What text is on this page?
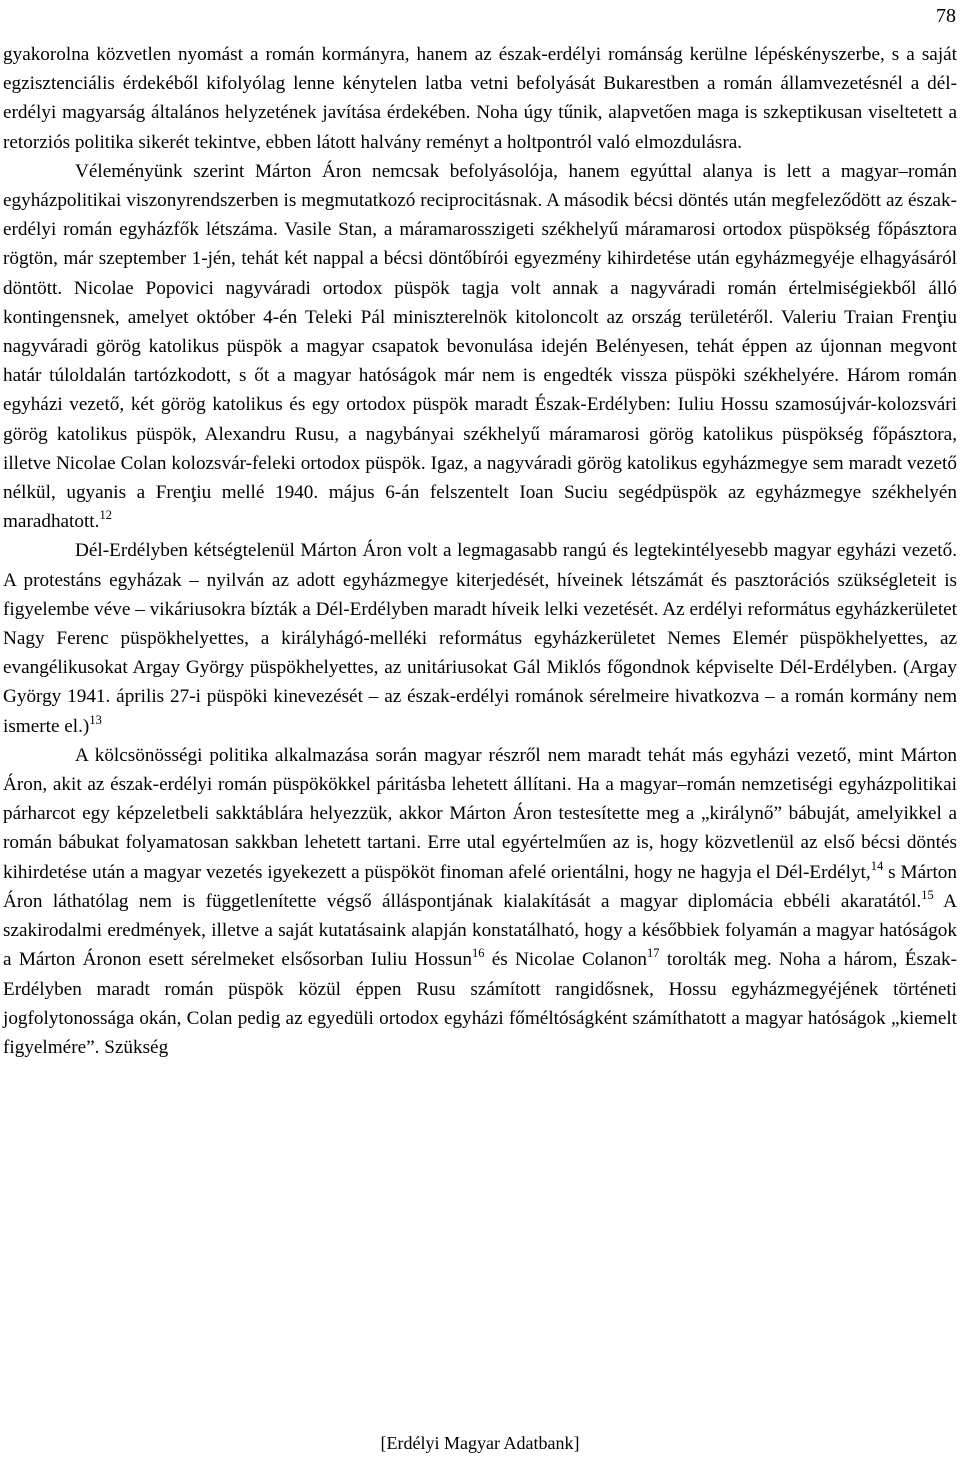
78

gyakorolna közvetlen nyomást a román kormányra, hanem az észak-erdélyi románság kerülne lépéskényszerbe, s a saját egzisztenciális érdekéből kifolyólag lenne kénytelen latba vetni befolyását Bukarestben a román államvezetésnél a dél-erdélyi magyarság általános helyzetének javítása érdekében. Noha úgy tűnik, alapvetően maga is szkeptikusan viseltetett a retorziós politika sikerét tekintve, ebben látott halvány reményt a holtpontról való elmozdulásra.

Véleményünk szerint Márton Áron nemcsak befolyásolója, hanem egyúttal alanya is lett a magyar–román egyházpolitikai viszonyrendszerben is megmutatkozó reciprocitásnak. A második bécsi döntés után megfeleződött az észak-erdélyi román egyházfők létszáma. Vasile Stan, a máramarosszigeti székhelyű máramarosi ortodox püspökség főpásztora rögtön, már szeptember 1-jén, tehát két nappal a bécsi döntőbírói egyezmény kihirdetése után egyházmegyéje elhagyásáról döntött. Nicolae Popovici nagyváradi ortodox püspök tagja volt annak a nagyváradi román értelmiségiekből álló kontingensnek, amelyet október 4-én Teleki Pál miniszterelnök kitoloncolt az ország területéről. Valeriu Traian Frenţiu nagyváradi görög katolikus püspök a magyar csapatok bevonulása idején Belényesen, tehát éppen az újonnan megvont határ túloldalán tartózkodott, s őt a magyar hatóságok már nem is engedték vissza püspöki székhelyére. Három román egyházi vezető, két görög katolikus és egy ortodox püspök maradt Észak-Erdélyben: Iuliu Hossu szamosújvár-kolozsvári görög katolikus püspök, Alexandru Rusu, a nagybányai székhelyű máramarosi görög katolikus püspökség főpásztora, illetve Nicolae Colan kolozsvár-feleki ortodox püspök. Igaz, a nagyváradi görög katolikus egyházmegye sem maradt vezető nélkül, ugyanis a Frenţiu mellé 1940. május 6-án felszentelt Ioan Suciu segédpüspök az egyházmegye székhelyén maradhatott.$^{12}$

Dél-Erdélyben kétségtelenül Márton Áron volt a legmagasabb rangú és legtekintélyesebb magyar egyházi vezető. A protestáns egyházak – nyilván az adott egyházmegye kiterjedését, híveinek létszámát és pasztorációs szükségleteit is figyelembe véve – vikáriusokra bízták a Dél-Erdélyben maradt híveik lelki vezetését. Az erdélyi református egyházkerületet Nagy Ferenc püspökhelyettes, a királyhágó-melléki református egyházkerületet Nemes Elemér püspökhelyettes, az evangélikusokat Argay György püspökhelyettes, az unitáriusokat Gál Miklós főgondnok képviselte Dél-Erdélyben. (Argay György 1941. április 27-i püspöki kinevezését – az észak-erdélyi románok sérelmeire hivatkozva – a román kormány nem ismerte el.)$^{13}$

A kölcsönösségi politika alkalmazása során magyar részről nem maradt tehát más egyházi vezető, mint Márton Áron, akit az észak-erdélyi román püspökökkel páritásba lehetett állítani. Ha a magyar–román nemzetiségi egyházpolitikai párharcot egy képzeletbeli sakktáblára helyezzük, akkor Márton Áron testesítette meg a „királynő” bábuját, amelyikkel a román bábukat folyamatosan sakkban lehetett tartani. Erre utal egyértelműen az is, hogy közvetlenül az első bécsi döntés kihirdetése után a magyar vezetés igyekezett a püspököt finoman afelé orientálni, hogy ne hagyja el Dél-Erdélyt,$^{14}$ s Márton Áron láthatólag nem is függetlenítette végső álláspontjának kialakítását a magyar diplomácia ebbéli akaratától.$^{15}$ A szakirodalmi eredmények, illetve a saját kutatásaink alapján konstatálható, hogy a későbbiek folyamán a magyar hatóságok a Márton Áronon esett sérelmeket elsősorban Iuliu Hossun$^{16}$ és Nicolae Colanon$^{17}$ torolták meg. Noha a három, Észak-Erdélyben maradt román püspök közül éppen Rusu számított rangidősnek, Hossu egyházmegyéjének történeti jogfolytonossága okán, Colan pedig az egyedüli ortodox egyházi főméltóságként számíthatott a magyar hatóságok „kiemelt figyelmére”. Szükség

[Erdélyi Magyar Adatbank]
